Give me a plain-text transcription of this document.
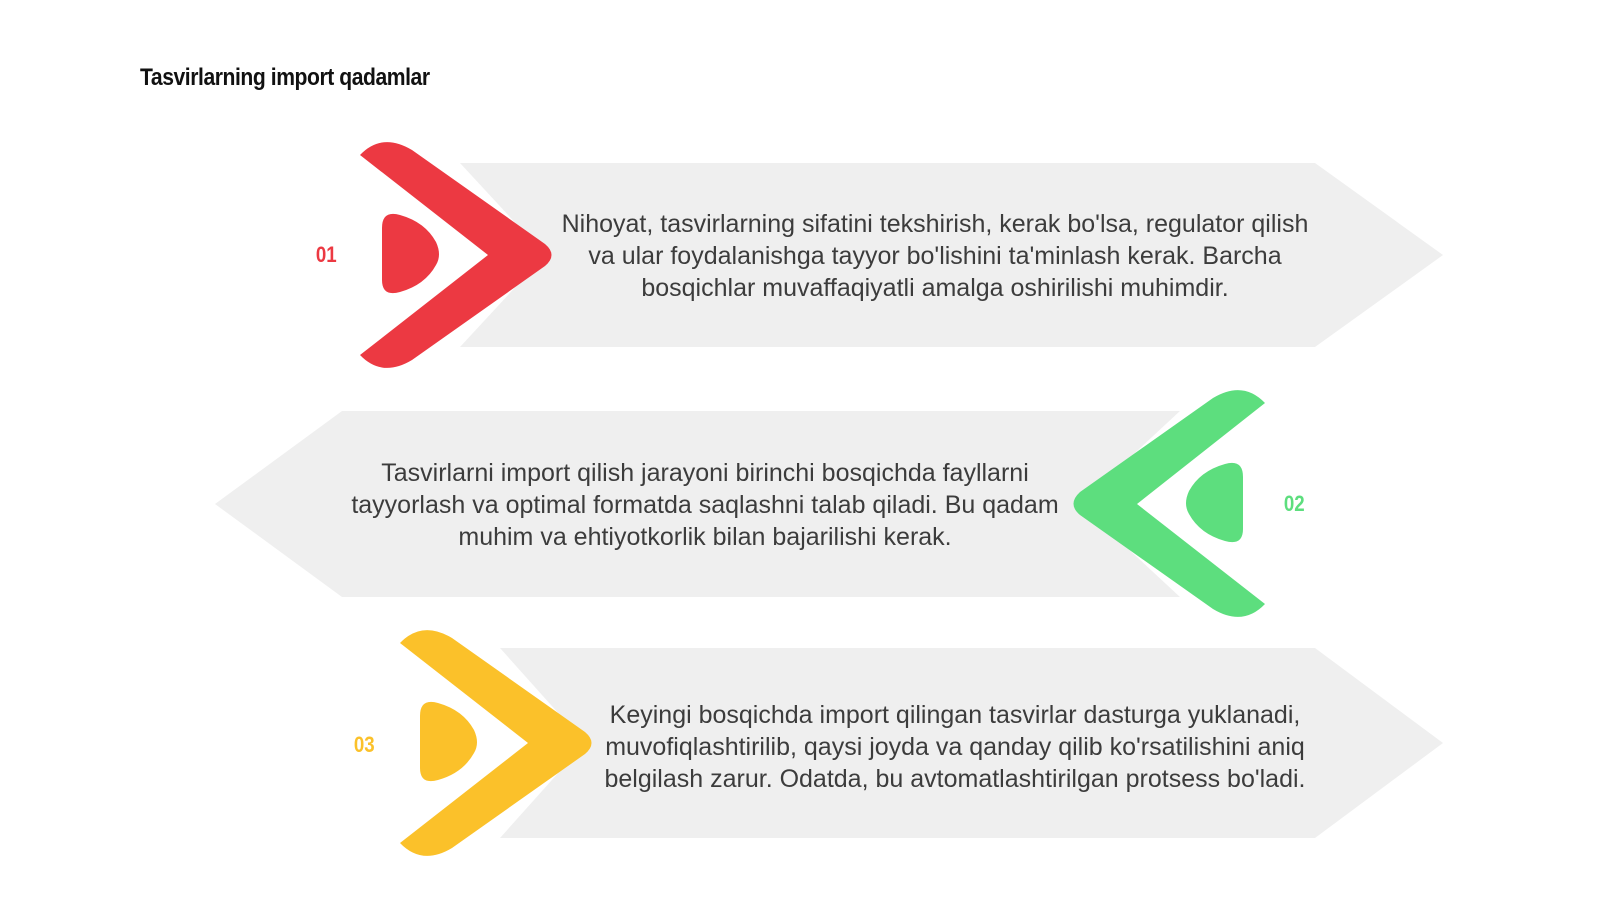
Tasvirlarning import qadamlar
01
02
03
Nihoyat, tasvirlarning sifatini tekshirish, kerak bo'lsa, regulator qilish
va ular foydalanishga tayyor bo'lishini ta'minlash kerak. Barcha
bosqichlar muvaffaqiyatli amalga oshirilishi muhimdir.
Tasvirlarni import qilish jarayoni birinchi bosqichda fayllarni
tayyorlash va optimal formatda saqlashni talab qiladi. Bu qadam
muhim va ehtiyotkorlik bilan bajarilishi kerak.
Keyingi bosqichda import qilingan tasvirlar dasturga yuklanadi,
muvofiqlashtirilib, qaysi joyda va qanday qilib ko'rsatilishini aniq
belgilash zarur. Odatda, bu avtomatlashtirilgan protsess bo'ladi.
